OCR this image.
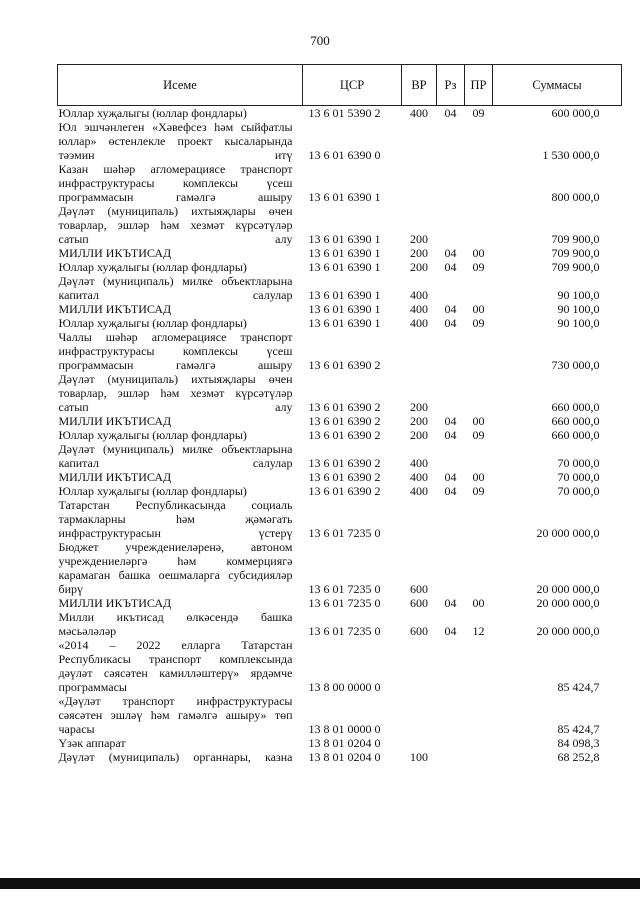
700
Исеме	ЦСР	ВР	Рз	ПР	Суммасы
Юллар хуҗалыгы (юллар фондлары)	13 6 01 5390 2	400	04	09	600 000,0
Юл эшчәнлеген «Хәвефсез һәм сыйфатлы юллар» өстенлекле проект кысаларында тәэмин итү	13 6 01 6390 0				1 530 000,0
Казан шәһәр агломерациясе транспорт инфраструктурасы комплексы үсеш программасын гамәлгә ашыру	13 6 01 6390 1				800 000,0
Дәүләт (муниципаль) ихтыяҗлары өчен товарлар, эшләр һәм хезмәт күрсәтүләр сатып алу	13 6 01 6390 1	200			709 900,0
МИЛЛИ ИКЪТИСАД	13 6 01 6390 1	200	04	00	709 900,0
Юллар хуҗалыгы (юллар фондлары)	13 6 01 6390 1	200	04	09	709 900,0
Дәүләт (муниципаль) милке объектларына капитал салулар	13 6 01 6390 1	400			90 100,0
МИЛЛИ ИКЪТИСАД	13 6 01 6390 1	400	04	00	90 100,0
Юллар хуҗалыгы (юллар фондлары)	13 6 01 6390 1	400	04	09	90 100,0
Чаллы шәһәр агломерациясе транспорт инфраструктурасы комплексы үсеш программасын гамәлгә ашыру	13 6 01 6390 2				730 000,0
Дәүләт (муниципаль) ихтыяҗлары өчен товарлар, эшләр һәм хезмәт күрсәтүләр сатып алу	13 6 01 6390 2	200			660 000,0
МИЛЛИ ИКЪТИСАД	13 6 01 6390 2	200	04	00	660 000,0
Юллар хуҗалыгы (юллар фондлары)	13 6 01 6390 2	200	04	09	660 000,0
Дәүләт (муниципаль) милке объектларына капитал салулар	13 6 01 6390 2	400			70 000,0
МИЛЛИ ИКЪТИСАД	13 6 01 6390 2	400	04	00	70 000,0
Юллар хуҗалыгы (юллар фондлары)	13 6 01 6390 2	400	04	09	70 000,0
Татарстан Республикасында социаль тармакларны һәм җәмәгать инфраструктурасын үстерү	13 6 01 7235 0				20 000 000,0
Бюджет учреждениеләренә, автоном учреждениеләргә һәм коммерциягә карамаган башка оешмаларга субсидияләр бирү	13 6 01 7235 0	600			20 000 000,0
МИЛЛИ ИКЪТИСАД	13 6 01 7235 0	600	04	00	20 000 000,0
Милли икътисад өлкәсендә башка мәсьәләләр	13 6 01 7235 0	600	04	12	20 000 000,0
«2014 – 2022 елларга Татарстан Республикасы транспорт комплексында дәүләт сәясәтен камилләштерү» ярдәмче программасы	13 8 00 0000 0				85 424,7
«Дәүләт транспорт инфраструктурасы сәясәтен эшләү һәм гамәлгә ашыру» төп чарасы	13 8 01 0000 0				85 424,7
Үзәк аппарат	13 8 01 0204 0				84 098,3
Дәүләт (муниципаль) органнары, казна	13 8 01 0204 0	100			68 252,8
